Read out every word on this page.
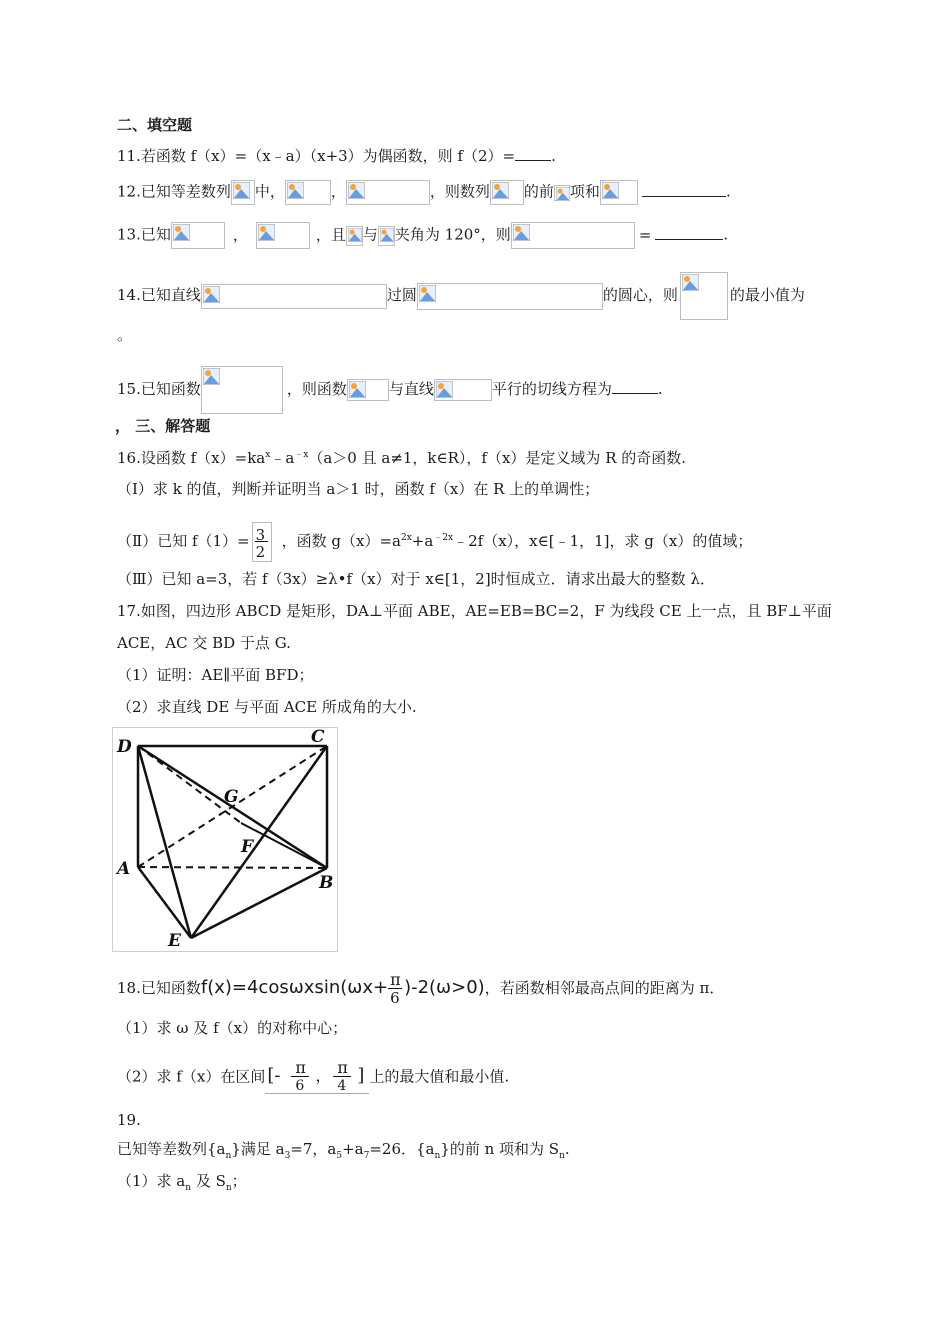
二、填空题
11.若函数 f（x）=（x﹣a）（x+3）为偶函数，则 f（2）= .
12.已知等差数列 中，	，	，则数列 的前 项和	.
13.已知	，	，且 与 夹角为 120°，则	=	.
14.已知直线	过圆	的圆心，则	的最小值为
。
15.已知函数	，则函数	与直线	平行的切线方程为	.
， 三、解答题
16.设函数 $f(x)=ka^x﹣a^{﹣x}(a>0$ 且 a≠1，k∈R），f（x）是定义域为 R 的奇函数.
（Ⅰ）求 k 的值，判断并证明当 a＞1 时，函数 f（x）在 R 上的单调性；
（Ⅱ）已知 $f(1)= \frac{3}{2}$ ，函数 $g(x)=a^{2x}+a^{﹣2x}﹣2f(x)$，x∈[﹣1，1]，求 g（x）的值域；
（Ⅲ）已知 a=3，若 f（3x）≥λ•f（x）对于 x∈[1，2]时恒成立．请求出最大的整数 λ．
17.如图，四边形 ABCD 是矩形，DA⊥平面 ABE，AE=EB=BC=2，F 为线段 CE 上一点，且 BF⊥平面
ACE，AC 交 BD 于点 G.
（1）证明：AE∥平面 BFD；
（2）求直线 DE 与平面 ACE 所成角的大小.
D	C
G
F
A
B
E
18.已知函数$f(x)=4\cos\omega xsin(\omega x+ \frac{\pi}{6} )-2(\omega>0)$，若函数相邻最高点间的距离为 π．
（1）求 ω 及 f（x）的对称中心；
（2）求 f（x）在区间 [- π
6
， π
4 ] 上的最大值和最小值.
19.
已知等差数列$\{a_n\}$满足 $a_3=7$，$a_5+a_7=26$．$\{a_n\}$的前 n 项和为 $S_n$.
（1）求 $a_n$ 及 $S_n$；
